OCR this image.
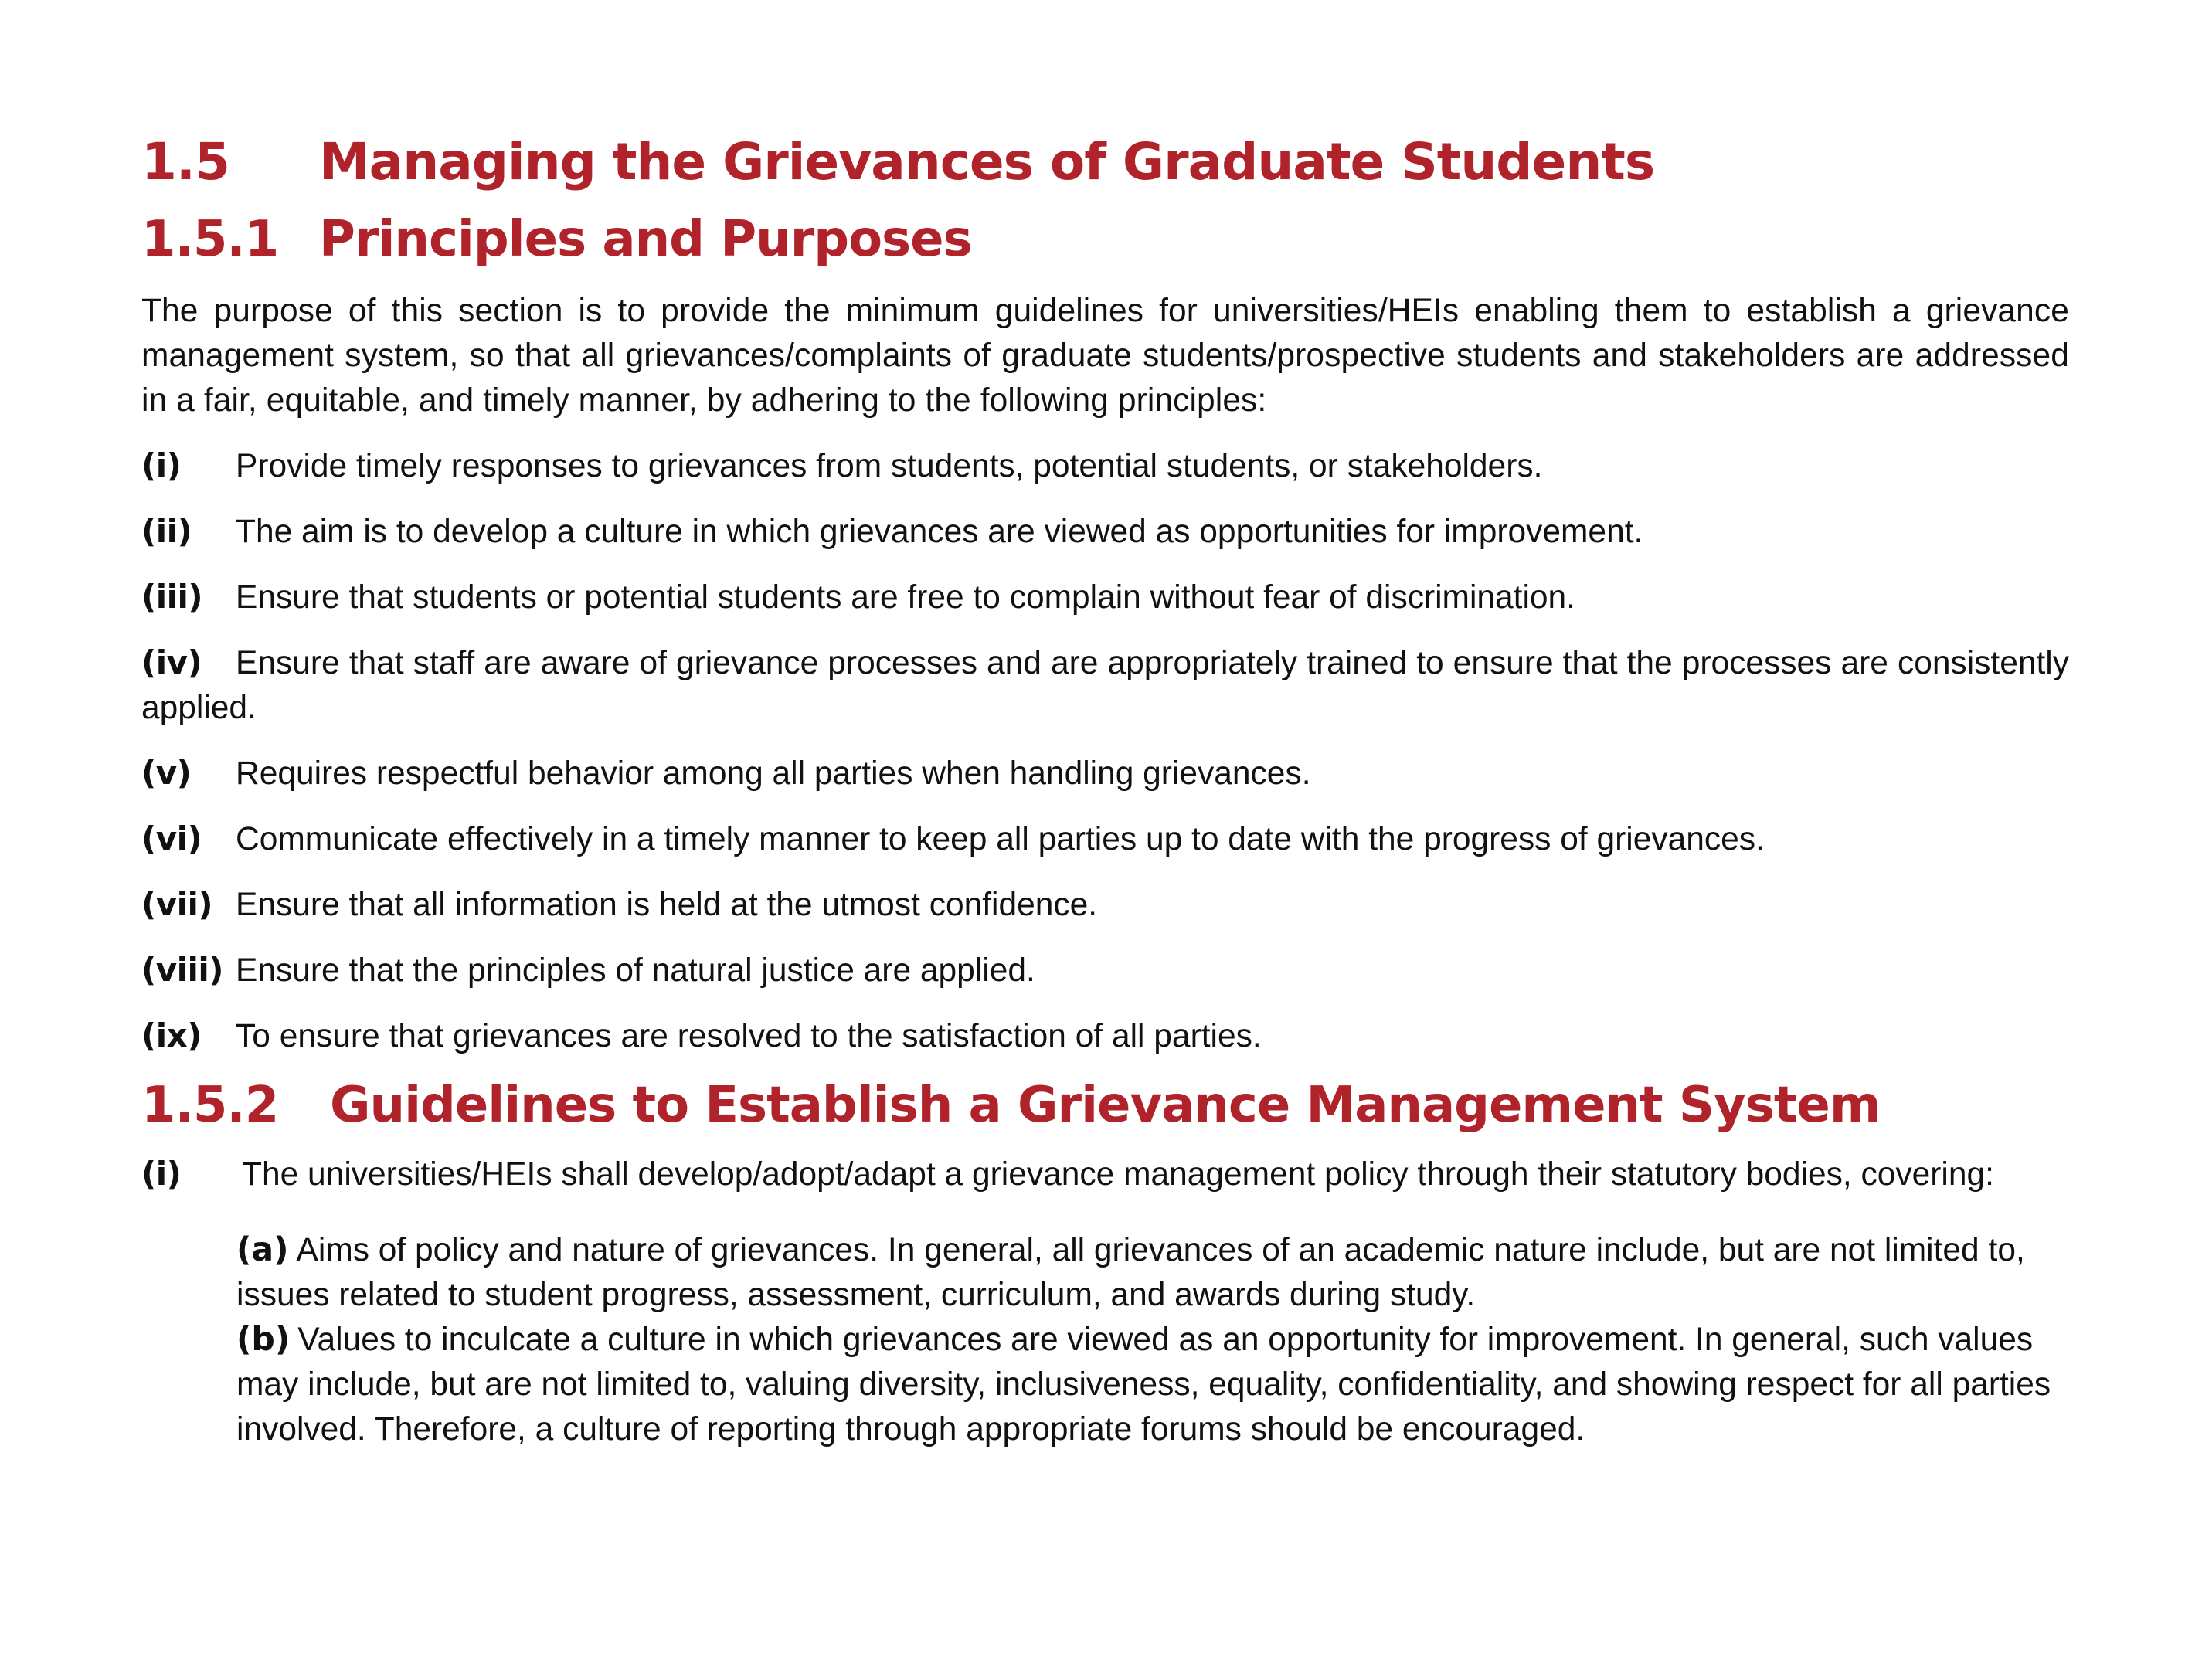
1.5	Managing the Grievances of Graduate Students
1.5.1 Principles and Purposes

The purpose of this section is to provide the minimum guidelines for universities/HEIs enabling them to establish a grievance management system, so that all grievances/complaints of graduate students/prospective students and stakeholders are addressed in a fair, equitable, and timely manner, by adhering to the following principles:

(i) Provide timely responses to grievances from students, potential students, or stakeholders.

(ii) The aim is to develop a culture in which grievances are viewed as opportunities for improvement.

(iii) Ensure that students or potential students are free to complain without fear of discrimination.

(iv) Ensure that staff are aware of grievance processes and are appropriately trained to ensure that the processes are consistently applied.

(v) Requires respectful behavior among all parties when handling grievances.

(vi) Communicate effectively in a timely manner to keep all parties up to date with the progress of grievances.

(vii) Ensure that all information is held at the utmost confidence.

(viii) Ensure that the principles of natural justice are applied.

(ix) To ensure that grievances are resolved to the satisfaction of all parties.

1.5.2	Guidelines to Establish a Grievance Management System

(i) The universities/HEIs shall develop/adopt/adapt a grievance management policy through their statutory bodies, covering:

(a) Aims of policy and nature of grievances. In general, all grievances of an academic nature include, but are not limited to, issues related to student progress, assessment, curriculum, and awards during study.

(b) Values to inculcate a culture in which grievances are viewed as an opportunity for improvement. In general, such values may include, but are not limited to, valuing diversity, inclusiveness, equality, confidentiality, and showing respect for all parties involved. Therefore, a culture of reporting through appropriate forums should be encouraged.
